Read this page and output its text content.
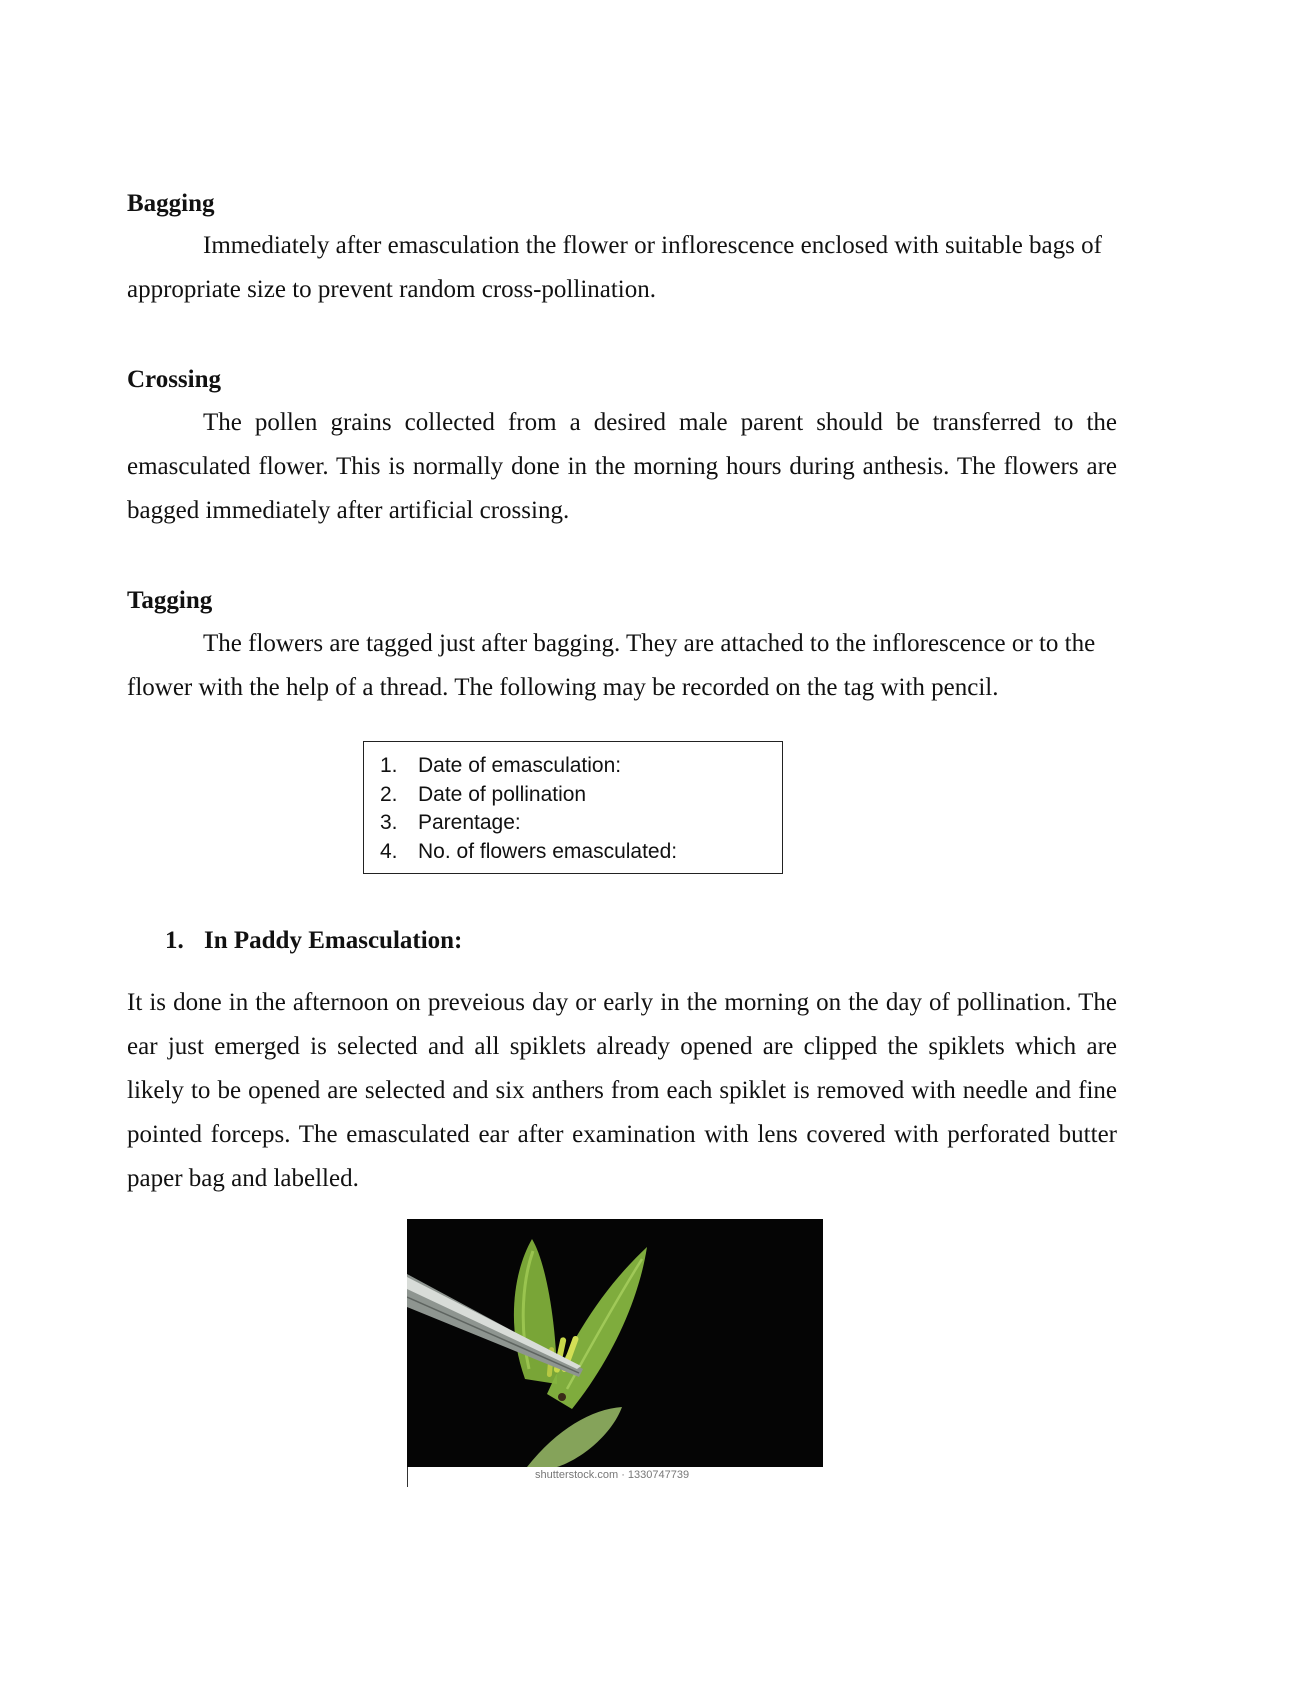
Bagging
Immediately after emasculation the flower or inflorescence enclosed with suitable bags of appropriate size to prevent random cross-pollination.
Crossing
The pollen grains collected from a desired male parent should be transferred to the emasculated flower. This is normally done in the morning hours during anthesis. The flowers are bagged immediately after artificial crossing.
Tagging
The flowers are tagged just after bagging. They are attached to the inflorescence or to the flower with the help of a thread. The following may be recorded on the tag with pencil.
1. Date of emasculation:
2. Date of pollination
3. Parentage:
4. No. of flowers emasculated:
1. In Paddy Emasculation:
It is done in the afternoon on preveious day or early in the morning on the day of pollination. The ear just emerged is selected and all spiklets already opened are clipped the spiklets which are likely to be opened are selected and six anthers from each spiklet is removed with needle and fine pointed forceps. The emasculated ear after examination with lens covered with perforated butter paper bag and labelled.
shutterstock.com · 1330747739
